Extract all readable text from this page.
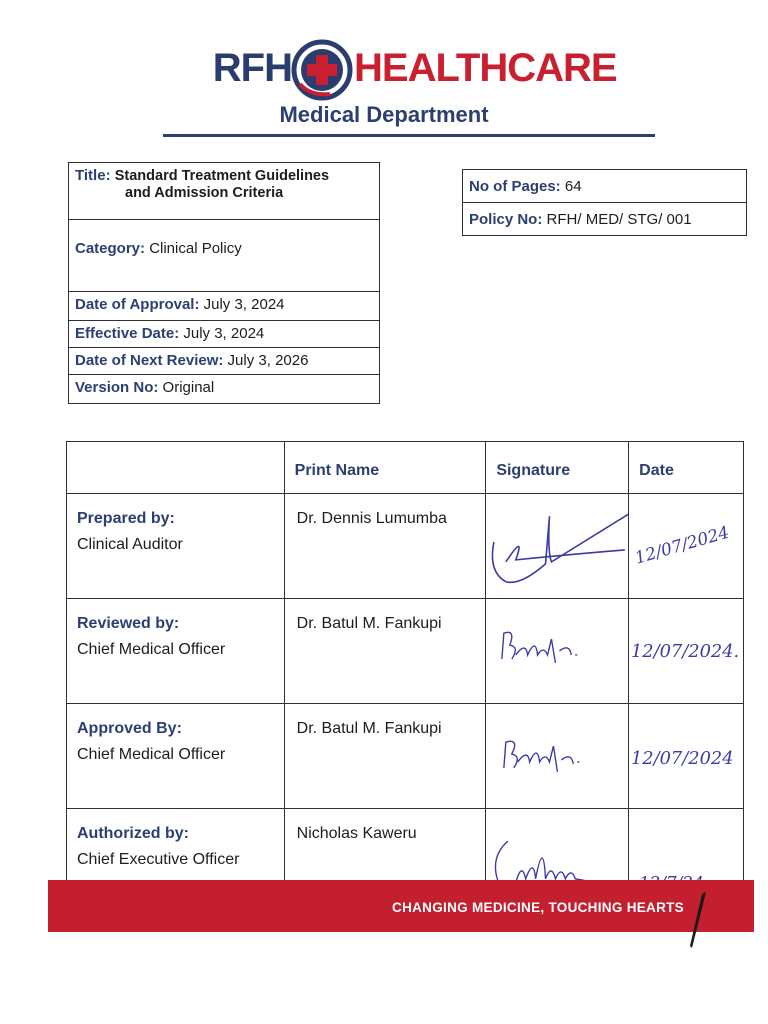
RFH HEALTHCARE
Medical Department
Title: Standard Treatment Guidelines
and Admission Criteria
Category: Clinical Policy
Date of Approval: July 3, 2024
Effective Date: July 3, 2024
Date of Next Review: July 3, 2026
Version No: Original
No of Pages: 64
Policy No: RFH/ MED/ STG/ 001
	Print Name	Signature	Date

Prepared by:
Clinical Auditor	Dr. Dennis Lumumba		12/07/2024

Reviewed by:
Chief Medical Officer	Dr. Batul M. Fankupi		12/07/2024.

Approved By:
Chief Medical Officer	Dr. Batul M. Fankupi		12/07/2024

Authorized by:
Chief Executive Officer	Nicholas Kaweru	

CHANGING MEDICINE, TOUCHING HEARTS
